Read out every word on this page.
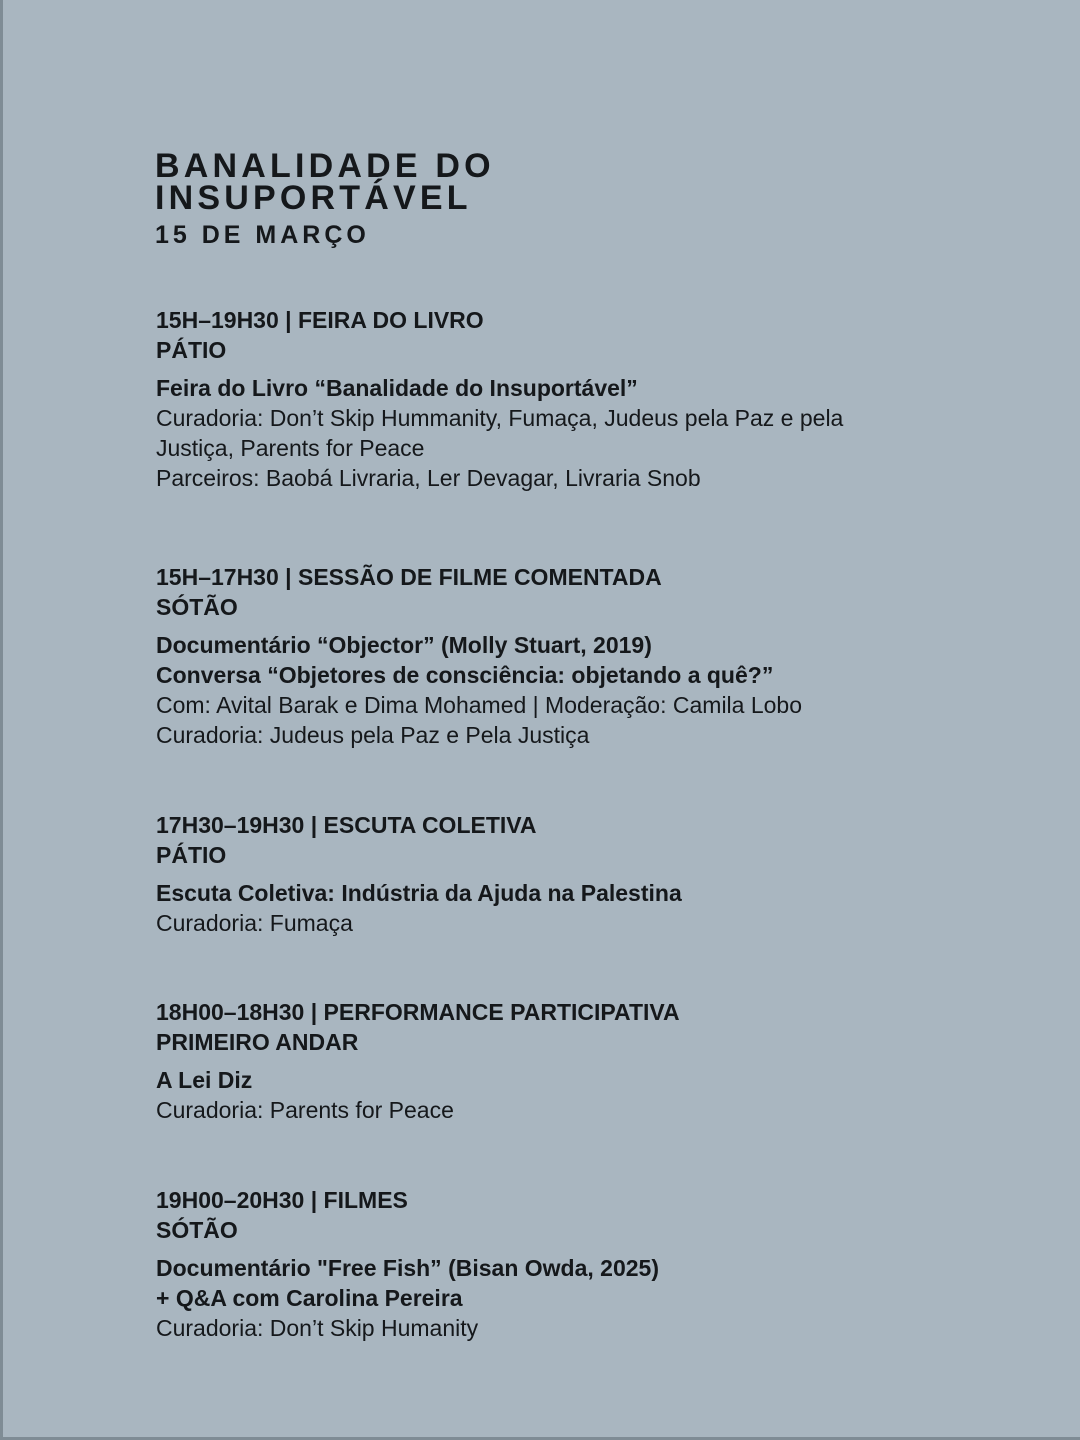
BANALIDADE DO
INSUPORTÁVEL
15 DE MARÇO
15H–19H30 | FEIRA DO LIVRO
PÁTIO
Feira do Livro “Banalidade do Insuportável”
Curadoria: Don’t Skip Hummanity, Fumaça, Judeus pela Paz e pela
Justiça, Parents for Peace
Parceiros: Baobá Livraria, Ler Devagar, Livraria Snob
15H–17H30 | SESSÃO DE FILME COMENTADA
SÓTÃO
Documentário “Objector” (Molly Stuart, 2019)
Conversa “Objetores de consciência: objetando a quê?”
Com: Avital Barak e Dima Mohamed | Moderação: Camila Lobo
Curadoria: Judeus pela Paz e Pela Justiça
17H30–19H30 | ESCUTA COLETIVA
PÁTIO
Escuta Coletiva: Indústria da Ajuda na Palestina
Curadoria: Fumaça
18H00–18H30 | PERFORMANCE PARTICIPATIVA
PRIMEIRO ANDAR
A Lei Diz
Curadoria: Parents for Peace
19H00–20H30 | FILMES
SÓTÃO
Documentário "Free Fish” (Bisan Owda, 2025)
+ Q&A com Carolina Pereira
Curadoria: Don’t Skip Humanity
